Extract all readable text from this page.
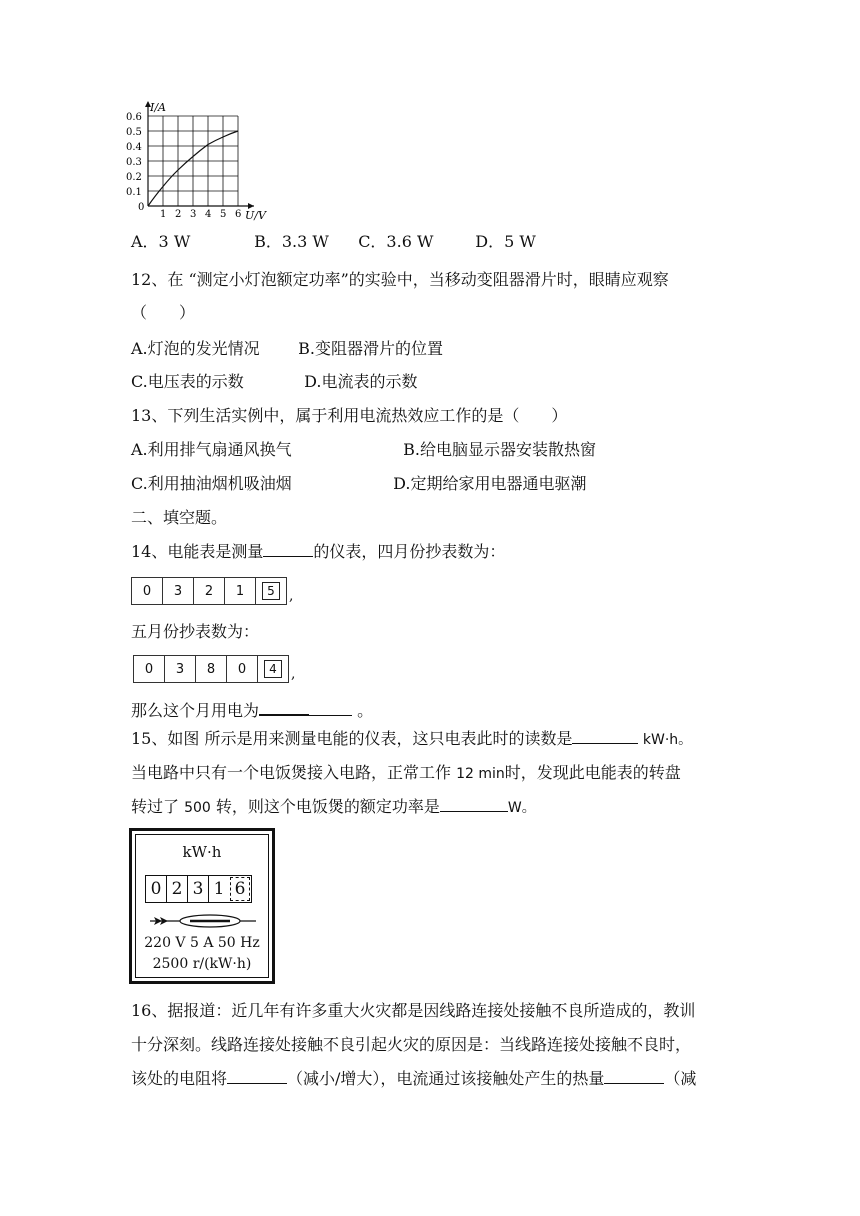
I/A
U/V
0
0.1
0.2
0.3
0.4
0.5
0.6
1 2 3 4 5 6
A．3 W	B．3.3 W C．3.6 W	D．5 W
12、在 “测定小灯泡额定功率”的实验中，当移动变阻器滑片时，眼睛应观察
（　　）
A.灯泡的发光情况 B.变阻器滑片的位置
C.电压表的示数	D.电流表的示数
13、下列生活实例中，属于利用电流热效应工作的是（　　）
A.利用排气扇通风换气	B.给电脑显示器安装散热窗
C.利用抽油烟机吸油烟	D.定期给家用电器通电驱潮
二、填空题。
14、电能表是测量	的仪表，四月份抄表数为：
0	3	2	1	5	,
五月份抄表数为：
0	3	8	0	4	,
那么这个月用电为	。
15、如图 所示是用来测量电能的仪表，这只电表此时的读数是	kW·h。
当电路中只有一个电饭煲接入电路，正常工作 12 min时，发现此电能表的转盘
转过了 500 转，则这个电饭煲的额定功率是	W。
kW·h
0 2 3 1 6
220 V 5 A 50 Hz
2500 r/(kW·h)
16、据报道：近几年有许多重大火灾都是因线路连接处接触不良所造成的，教训
十分深刻。线路连接处接触不良引起火灾的原因是：当线路连接处接触不良时，
该处的电阻将	（减小/增大），电流通过该接触处产生的热量	（减
